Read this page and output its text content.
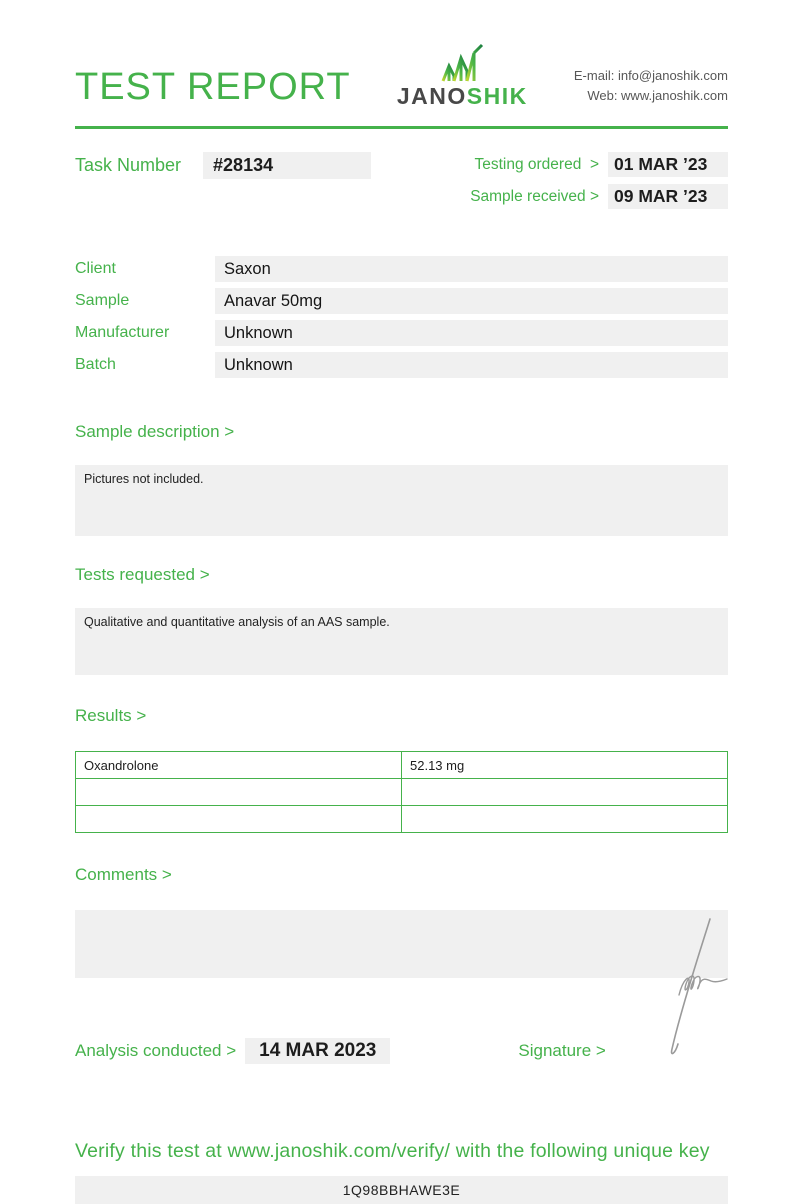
TEST REPORT JANOSHIK
E-mail: info@janoshik.com
Web: www.janoshik.com
Task Number	#28134	Testing ordered  > 01 MAR ’23
Sample received > 09 MAR ’23
Client	Saxon
Sample	Anavar 50mg
Manufacturer	Unknown
Batch	Unknown
Sample description >
Pictures not included.
Tests requested >
Qualitative and quantitative analysis of an AAS sample.
Results >
Oxandrolone	52.13 mg

Comments >
Analysis conducted >	14 MAR 2023	Signature >
Verify this test at www.janoshik.com/verify/ with the following unique key
1Q98BBHAWE3E
